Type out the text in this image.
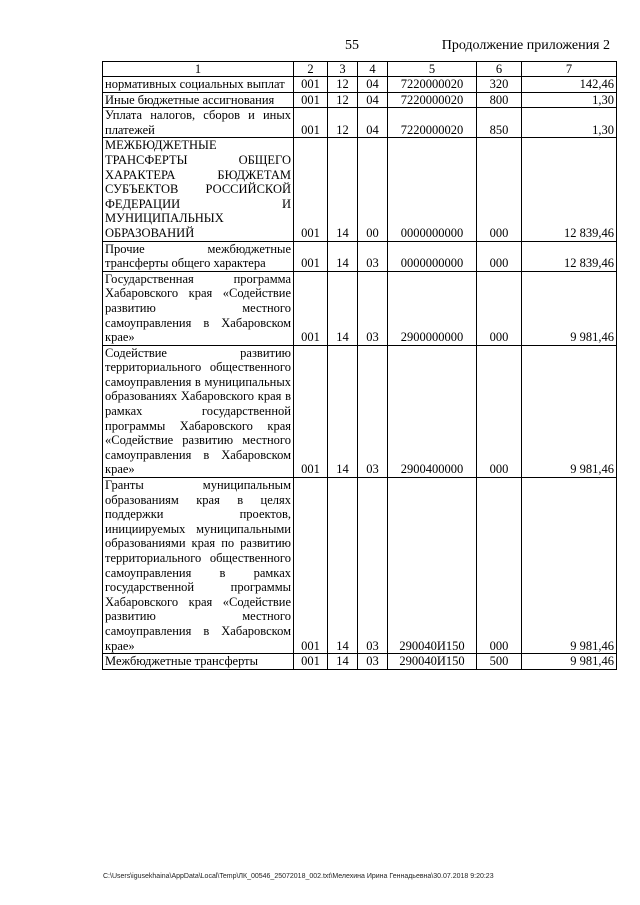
55	Продолжение приложения 2
1	2	3	4	5	6	7
нормативных социальных выплат	001	12	04	7220000020	320	142,46
Иные бюджетные ассигнования	001	12	04	7220000020	800	1,30
Уплата налогов, сборов и иных платежей	001	12	04	7220000020	850	1,30
МЕЖБЮДЖЕТНЫЕ ТРАНСФЕРТЫ ОБЩЕГО ХАРАКТЕРА БЮДЖЕТАМ СУБЪЕКТОВ РОССИЙСКОЙ ФЕДЕРАЦИИ И МУНИЦИПАЛЬНЫХ ОБРАЗОВАНИЙ	001	14	00	0000000000	000	12 839,46
Прочие межбюджетные трансферты общего характера	001	14	03	0000000000	000	12 839,46
Государственная программа Хабаровского края «Содействие развитию местного самоуправления в Хабаровском крае»	001	14	03	2900000000	000	9 981,46
Содействие развитию территориального общественного самоуправления в муниципальных образованиях Хабаровского края в рамках государственной программы Хабаровского края «Содействие развитию местного самоуправления в Хабаровском крае»	001	14	03	2900400000	000	9 981,46
Гранты муниципальным образованиям края в целях поддержки проектов, инициируемых муниципальными образованиями края по развитию территориального общественного самоуправления в рамках государственной программы Хабаровского края «Содействие развитию местного самоуправления в Хабаровском крае»	001	14	03	290040И150	000	9 981,46
Межбюджетные трансферты	001	14	03	290040И150	500	9 981,46
C:\Users\igusekhaina\AppData\Local\Temp\ЛК_00546_25072018_002.txt\Мелехина Ирина Геннадьевна\30.07.2018 9:20:23
